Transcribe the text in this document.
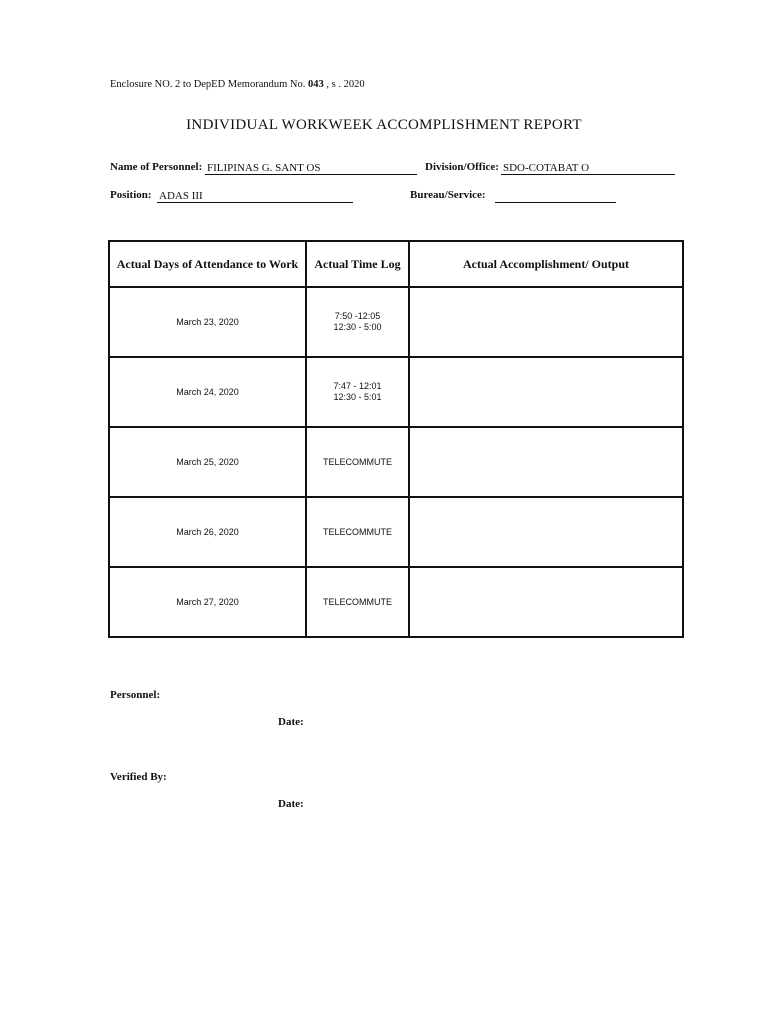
Enclosure NO. 2 to DepED Memorandum No. 043 , s . 2020
INDIVIDUAL WORKWEEK ACCOMPLISHMENT REPORT
Name of Personnel: FILIPINAS G. SANT OS	Division/Office: SDO-COTABAT O
Position: ADAS III	Bureau/Service:
Actual Days of Attendance to Work	Actual Time Log	Actual Accomplishment/ Output
March 23, 2020	7:50 -12:05
12:30 - 5:00	

March 24, 2020	7:47 - 12:01
12:30 - 5:01	

March 25, 2020	TELECOMMUTE	

March 26, 2020	TELECOMMUTE	

March 27, 2020	TELECOMMUTE	

Personnel:
Date:
Verified By:
Date:
